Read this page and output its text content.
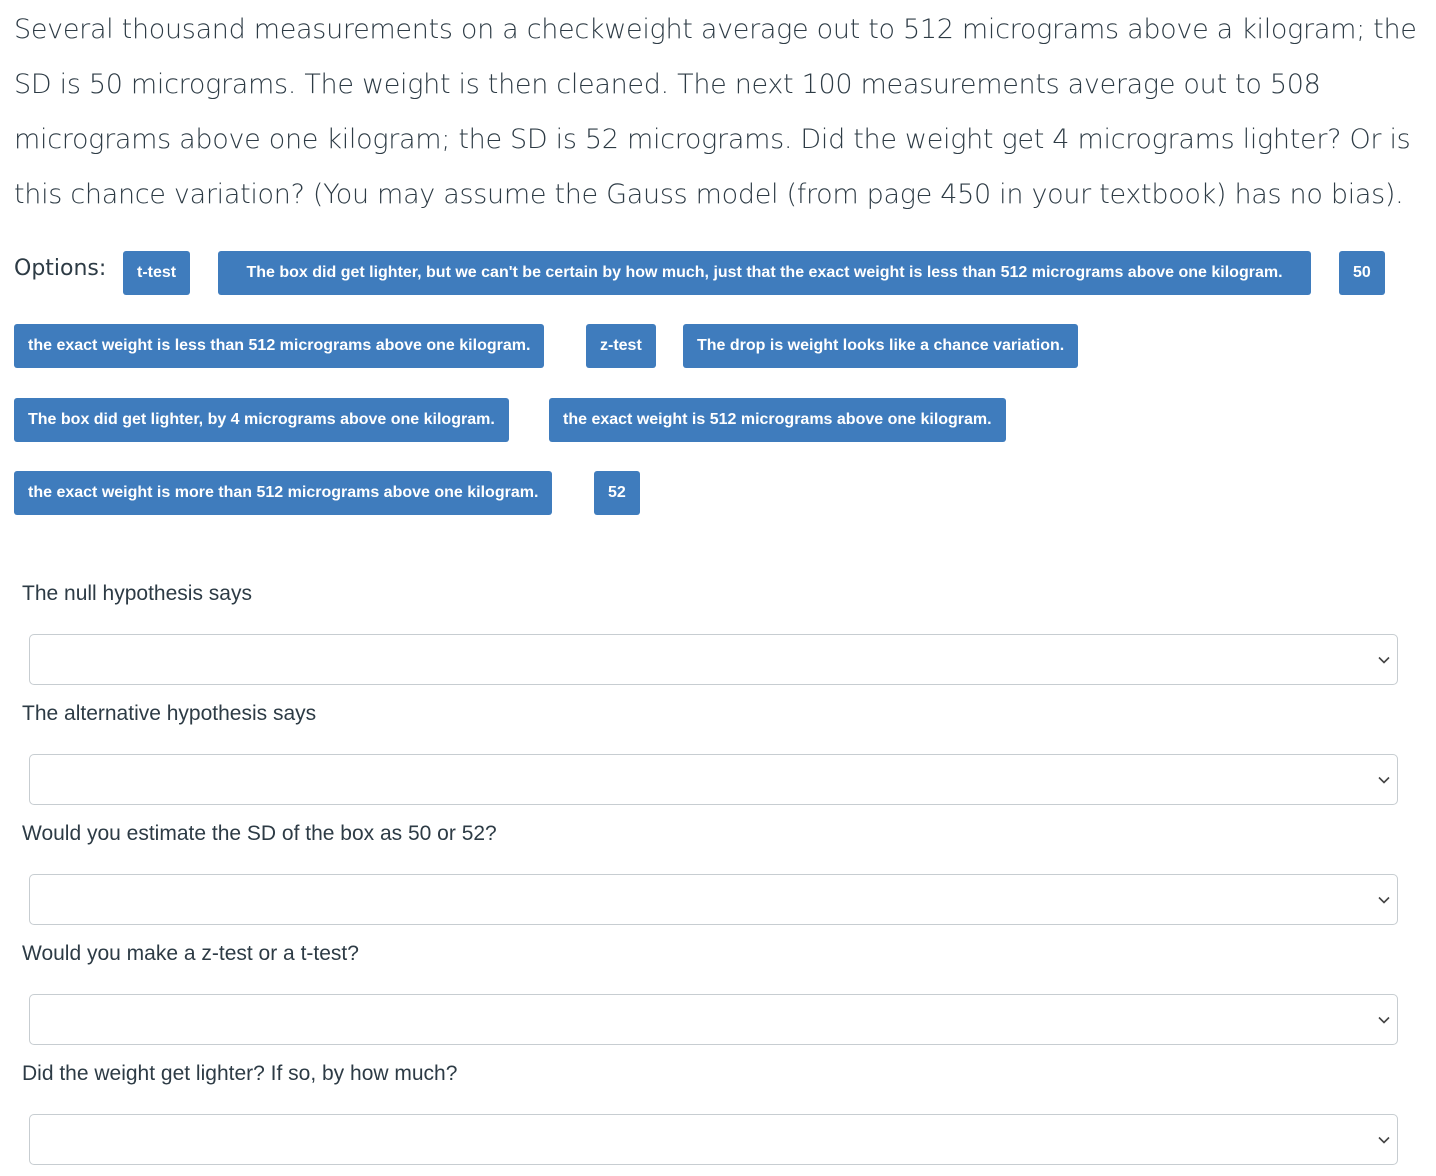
Several thousand measurements on a checkweight average out to 512 micrograms above a kilogram; the SD is 50 micrograms. The weight is then cleaned. The next 100 measurements average out to 508 micrograms above one kilogram; the SD is 52 micrograms. Did the weight get 4 micrograms lighter? Or is this chance variation? (You may assume the Gauss model (from page 450 in your textbook) has no bias).

Options:	t-test	The box did get lighter, but we can't be certain by how much, just that the exact weight is less than 512 micrograms above one kilogram.	50
the exact weight is less than 512 micrograms above one kilogram.	z-test	The drop is weight looks like a chance variation.
The box did get lighter, by 4 micrograms above one kilogram.	the exact weight is 512 micrograms above one kilogram.
the exact weight is more than 512 micrograms above one kilogram.	52
The null hypothesis says
The alternative hypothesis says
Would you estimate the SD of the box as 50 or 52?
Would you make a z-test or a t-test?
Did the weight get lighter? If so, by how much?
